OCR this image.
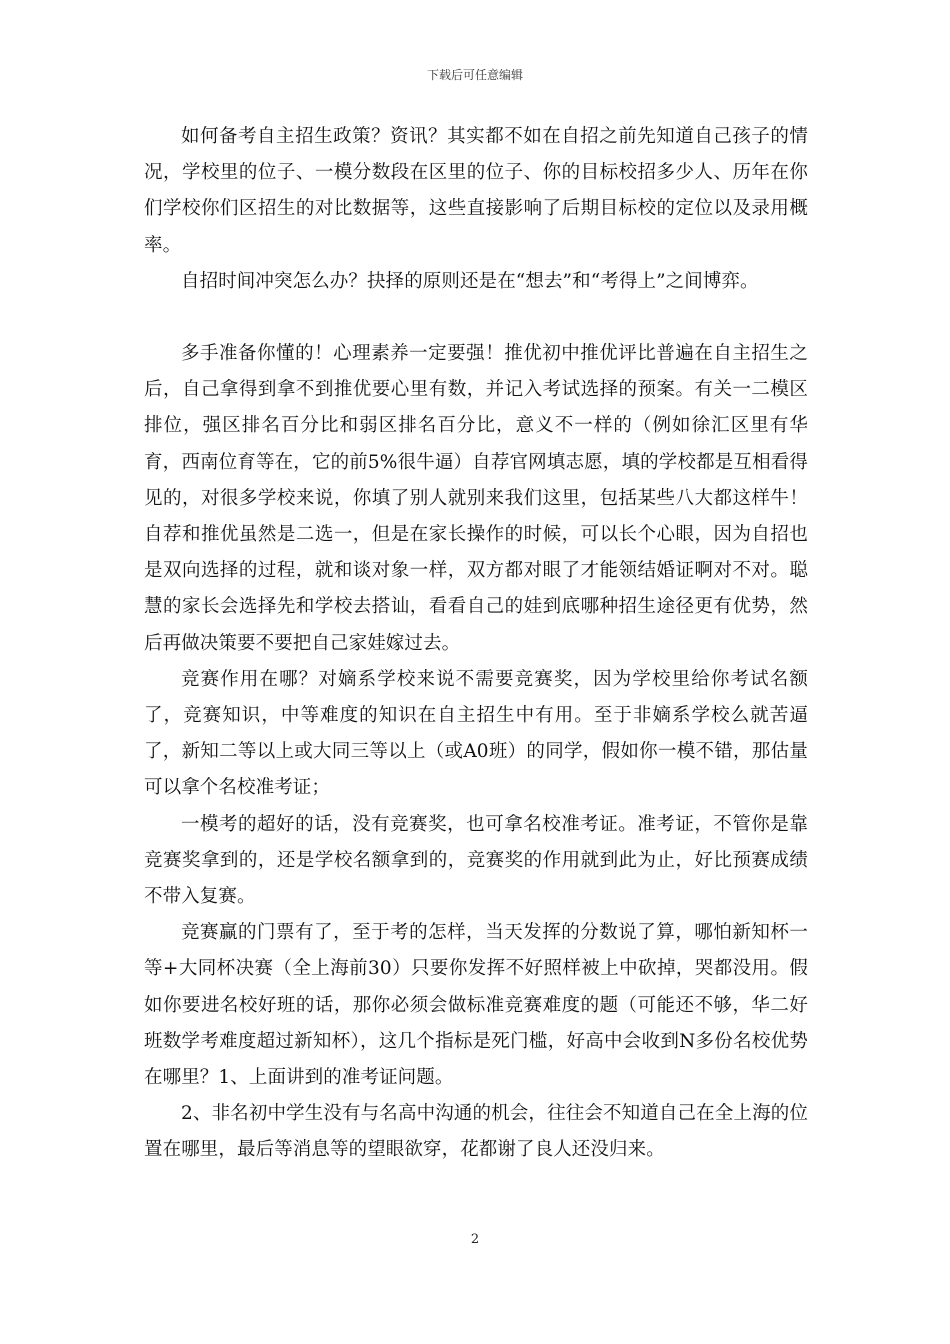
下载后可任意编辑

如何备考自主招生政策？资讯？其实都不如在自招之前先知道自己孩子的情况，学校里的位子、一模分数段在区里的位子、你的目标校招多少人、历年在你们学校你们区招生的对比数据等，这些直接影响了后期目标校的定位以及录用概率。

自招时间冲突怎么办？抉择的原则还是在“想去”和“考得上”之间博弈。

多手准备你懂的！心理素养一定要强！推优初中推优评比普遍在自主招生之后，自己拿得到拿不到推优要心里有数，并记入考试选择的预案。有关一二模区排位，强区排名百分比和弱区排名百分比，意义不一样的（例如徐汇区里有华育，西南位育等在，它的前5%很牛逼）自荐官网填志愿，填的学校都是互相看得见的，对很多学校来说，你填了别人就别来我们这里，包括某些八大都这样牛！自荐和推优虽然是二选一，但是在家长操作的时候，可以长个心眼，因为自招也是双向选择的过程，就和谈对象一样，双方都对眼了才能领结婚证啊对不对。聪慧的家长会选择先和学校去搭讪，看看自己的娃到底哪种招生途径更有优势，然后再做决策要不要把自己家娃嫁过去。

竞赛作用在哪？对嫡系学校来说不需要竞赛奖，因为学校里给你考试名额了，竞赛知识，中等难度的知识在自主招生中有用。至于非嫡系学校么就苦逼了，新知二等以上或大同三等以上（或A0班）的同学，假如你一模不错，那估量可以拿个名校准考证；

一模考的超好的话，没有竞赛奖，也可拿名校准考证。准考证，不管你是靠竞赛奖拿到的，还是学校名额拿到的，竞赛奖的作用就到此为止，好比预赛成绩不带入复赛。

竞赛赢的门票有了，至于考的怎样，当天发挥的分数说了算，哪怕新知杯一等+大同杯决赛（全上海前30）只要你发挥不好照样被上中砍掉，哭都没用。假如你要进名校好班的话，那你必须会做标准竞赛难度的题（可能还不够，华二好班数学考难度超过新知杯），这几个指标是死门槛，好高中会收到N多份名校优势在哪里？1、上面讲到的准考证问题。

2、非名初中学生没有与名高中沟通的机会，往往会不知道自己在全上海的位置在哪里，最后等消息等的望眼欲穿，花都谢了良人还没归来。

2
